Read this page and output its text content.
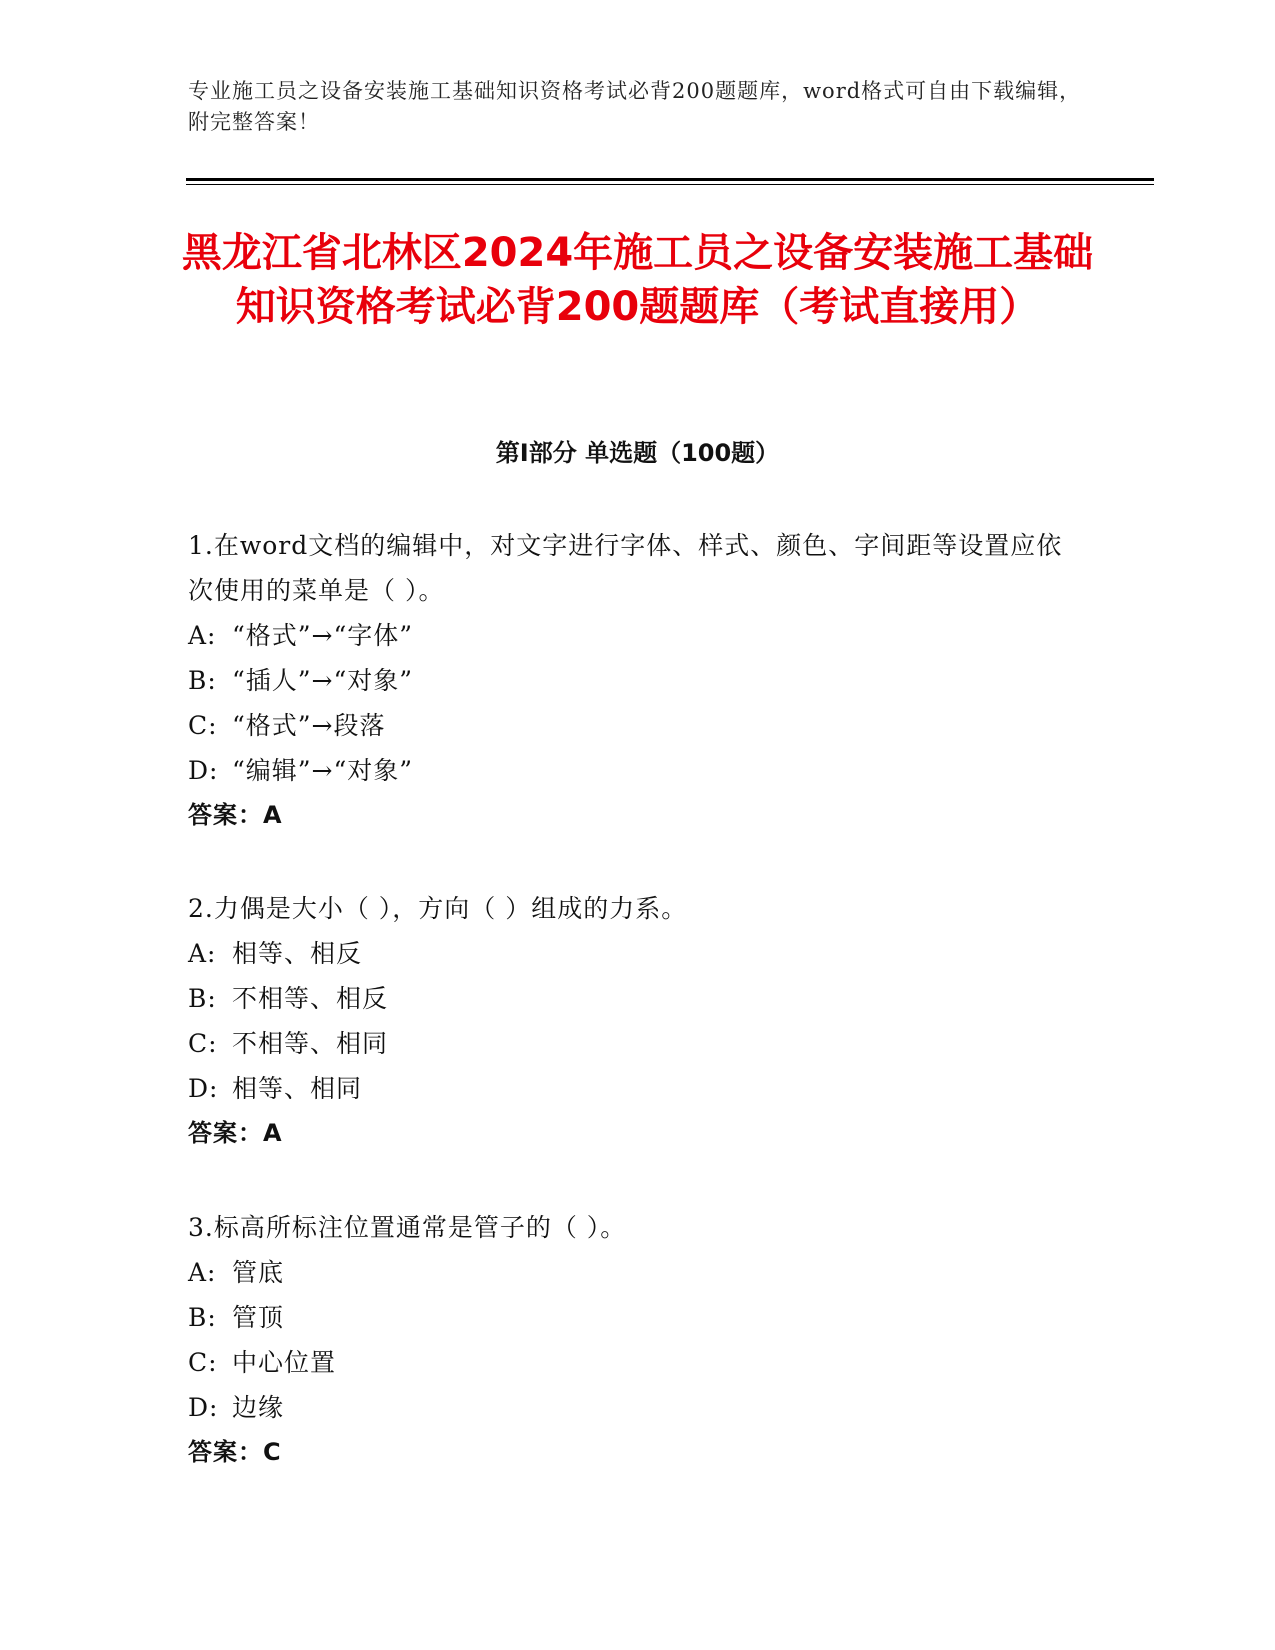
专业施工员之设备安装施工基础知识资格考试必背200题题库，word格式可自由下载编辑，附完整答案！
黑龙江省北林区2024年施工员之设备安装施工基础知识资格考试必背200题题库（考试直接用）
第Ⅰ部分 单选题（100题）
1.在word文档的编辑中，对文字进行字体、样式、颜色、字间距等设置应依次使用的菜单是（ ）。
A: “格式”→“字体”
B: “插人”→“对象”
C: “格式”→段落
D: “编辑”→“对象”
答案：A
2.力偶是大小（ ），方向（ ）组成的力系。
A: 相等、相反
B: 不相等、相反
C: 不相等、相同
D: 相等、相同
答案：A
3.标高所标注位置通常是管子的（ ）。
A: 管底
B: 管顶
C: 中心位置
D: 边缘
答案：C
